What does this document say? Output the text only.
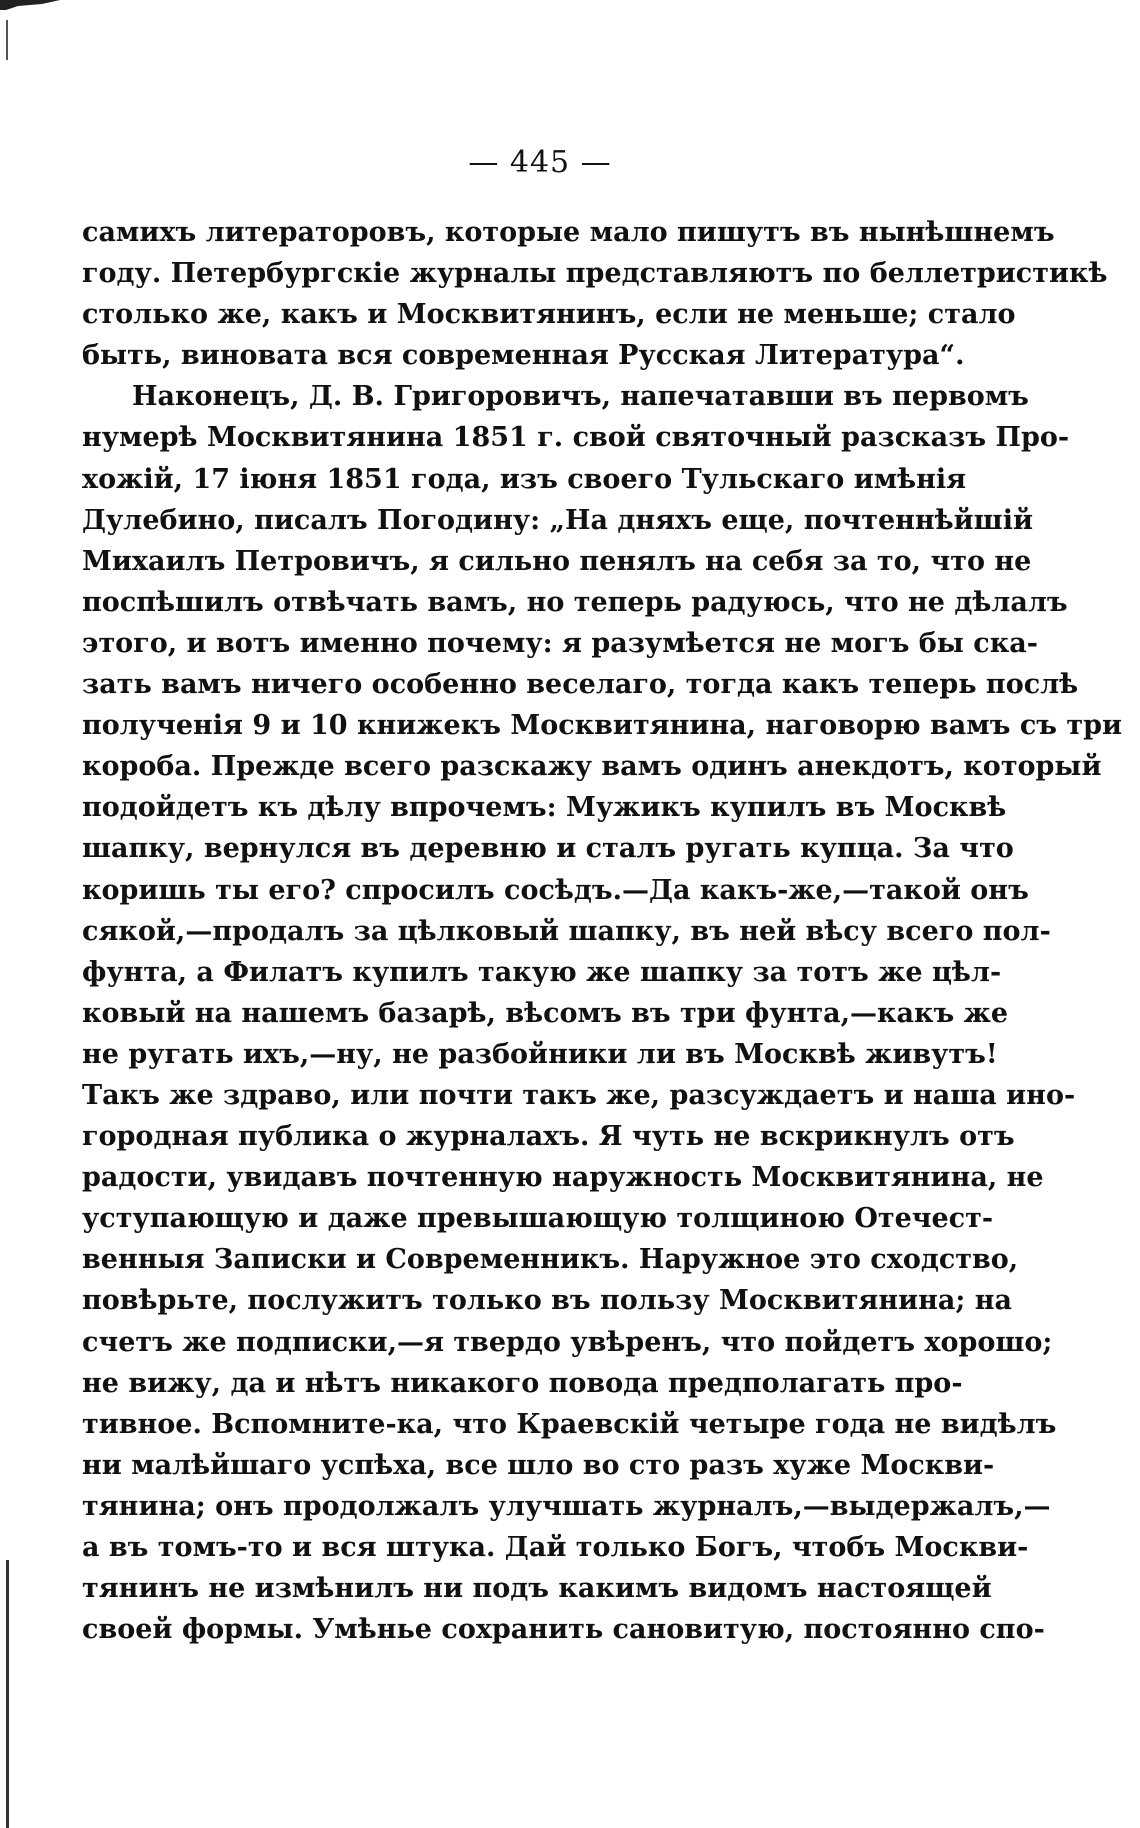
— 445 —
самихъ литераторовъ, которые мало пишутъ въ нынѣшнемъ
году. Петербургскіе журналы представляютъ по беллетристикѣ
столько же, какъ и Москвитянинъ, если не меньше; стало
быть, виновата вся современная Русская Литература“.
Наконецъ, Д. В. Григоровичъ, напечатавши въ первомъ
нумерѣ Москвитянина 1851 г. свой святочный разсказъ Про-
хожій, 17 іюня 1851 года, изъ своего Тульскаго имѣнія
Дулебино, писалъ Погодину: „На дняхъ еще, почтеннѣйшій
Михаилъ Петровичъ, я сильно пенялъ на себя за то, что не
поспѣшилъ отвѣчать вамъ, но теперь радуюсь, что не дѣлалъ
этого, и вотъ именно почему: я разумѣется не могъ бы ска-
зать вамъ ничего особенно веселаго, тогда какъ теперь послѣ
полученія 9 и 10 книжекъ Москвитянина, наговорю вамъ съ три
короба. Прежде всего разскажу вамъ одинъ анекдотъ, который
подойдетъ къ дѣлу впрочемъ: Мужикъ купилъ въ Москвѣ
шапку, вернулся въ деревню и сталъ ругать купца. За что
коришь ты его? спросилъ сосѣдъ.—Да какъ-же,—такой онъ
сякой,—продалъ за цѣлковый шапку, въ ней вѣсу всего пол-
фунта, а Филатъ купилъ такую же шапку за тотъ же цѣл-
ковый на нашемъ базарѣ, вѣсомъ въ три фунта,—какъ же
не ругать ихъ,—ну, не разбойники ли въ Москвѣ живутъ!
Такъ же здраво, или почти такъ же, разсуждаетъ и наша ино-
городная публика о журналахъ. Я чуть не вскрикнулъ отъ
радости, увидавъ почтенную наружность Москвитянина, не
уступающую и даже превышающую толщиною Отечест-
венныя Записки и Современникъ. Наружное это сходство,
повѣрьте, послужитъ только въ пользу Москвитянина; на
счетъ же подписки,—я твердо увѣренъ, что пойдетъ хорошо;
не вижу, да и нѣтъ никакого повода предполагать про-
тивное. Вспомните-ка, что Краевскій четыре года не видѣлъ
ни малѣйшаго успѣха, все шло во сто разъ хуже Москви-
тянина; онъ продолжалъ улучшать журналъ,—выдержалъ,—
а въ томъ-то и вся штука. Дай только Богъ, чтобъ Москви-
тянинъ не измѣнилъ ни подъ какимъ видомъ настоящей
своей формы. Умѣнье сохранить сановитую, постоянно спо-
